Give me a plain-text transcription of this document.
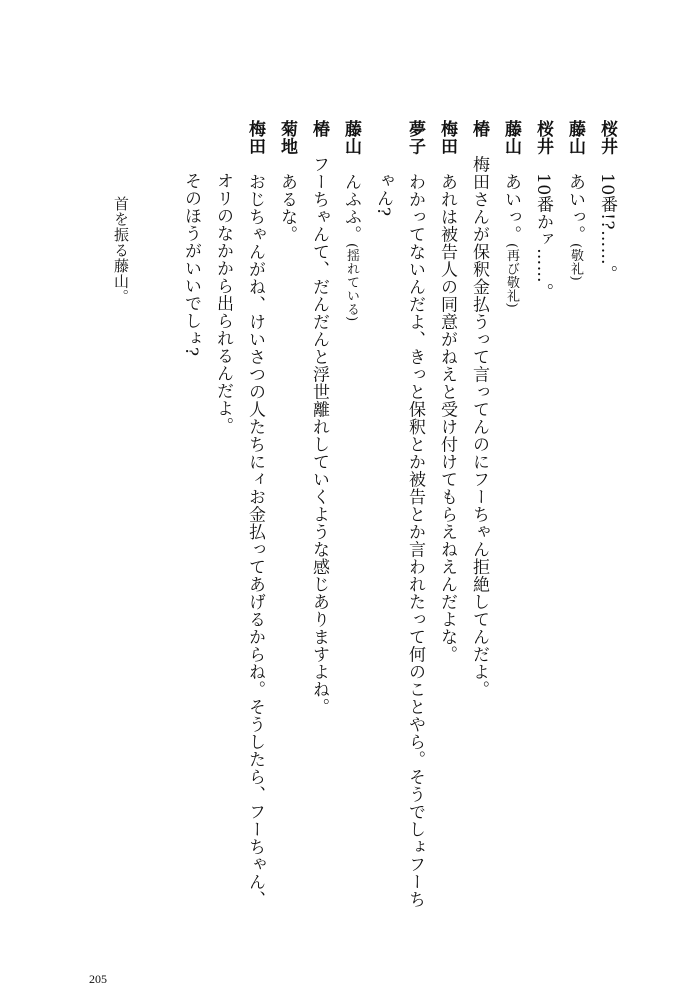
桜井10番!?……。
藤山あいっ。(敬礼)
桜井10番かァ……。
藤山あいっ。(再び敬礼)
椿梅田さんが保釈金払うって言ってんのにフーちゃん拒絶してんだよ。
梅田あれは被告人の同意がねえと受け付けてもらえねえんだよな。
夢子わかってないんだよ、きっと保釈とか被告とか言われたって何のことやら。そうでしょフーち
ゃん?
藤山んふふ。(揺れている)
椿フーちゃんて、だんだんと浮世離れしていくような感じありますよね。
菊地あるな。
梅田おじちゃんがね、けいさつの人たちにィお金払ってあげるからね。そうしたら、フーちゃん、
オリのなかから出られるんだよ。
そのほうがいいでしょ?
首を振る藤山。
205
